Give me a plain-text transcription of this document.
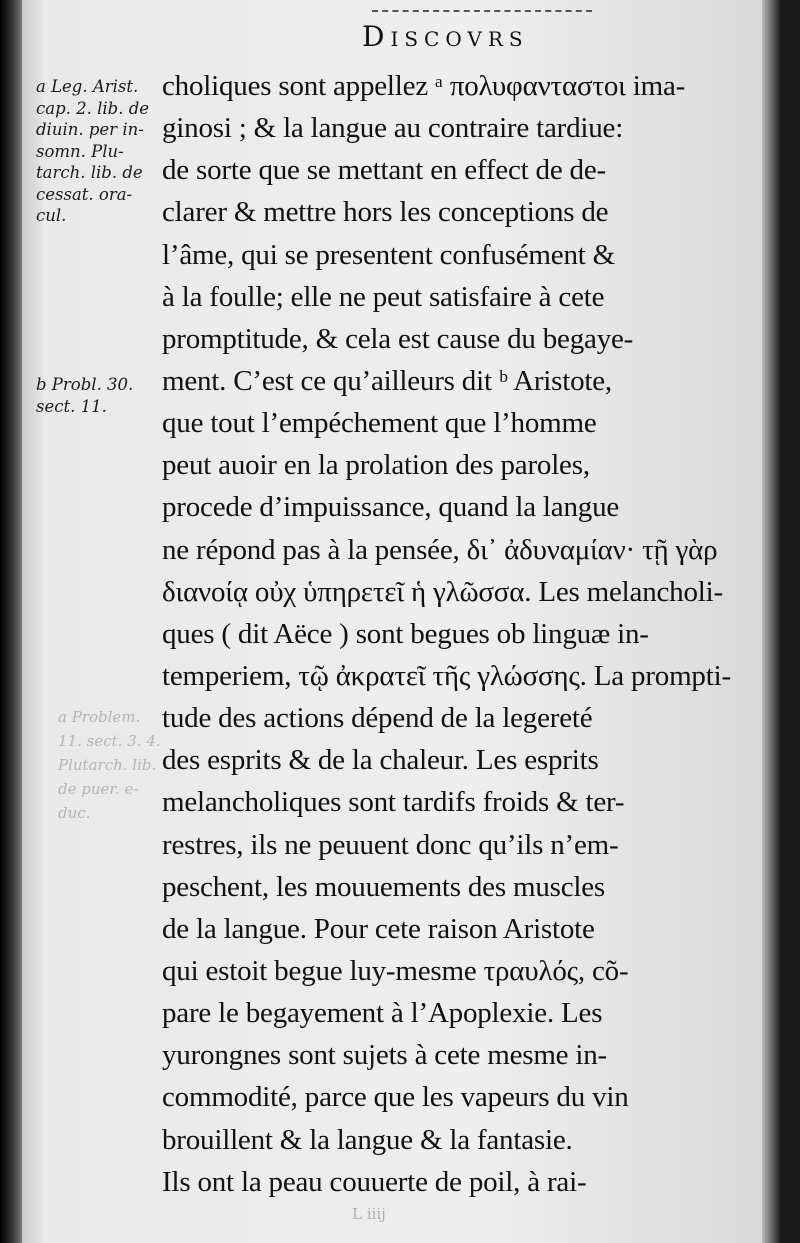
Discovrs
a Leg. Arist.
cap. 2. lib. de
diuin. per in-
somn. Plu-
tarch. lib. de
cessat. ora-
cul.
b Probl. 30.
sect. 11.
a Problem.
11. sect. 3. 4.
Plutarch. lib.
de puer. e-
duc.
L iiij
choliques sont appellez ᵃ πολυφανταστοι ima-
ginosi ; & la langue au contraire tardiue:
de sorte que se mettant en effect de de-
clarer & mettre hors les conceptions de
l’âme, qui se presentent confusément &
à la foulle; elle ne peut satisfaire à cete
promptitude, & cela est cause du begaye-
ment. C’est ce qu’ailleurs dit ᵇ Aristote,
que tout l’empéchement que l’homme
peut auoir en la prolation des paroles,
procede d’impuissance, quand la langue
ne répond pas à la pensée, δι᾽ ἀδυναμίαν· τῇ γὰρ
διανοίᾳ οὐχ ὑπηρετεῖ ἡ γλῶσσα. Les melancholi-
ques ( dit Aëce ) sont begues ob linguæ in-
temperiem, τῷ ἀκρατεῖ τῆς γλώσσης. La prompti-
tude des actions dépend de la legereté
des esprits & de la chaleur. Les esprits
melancholiques sont tardifs froids & ter-
restres, ils ne peuuent donc qu’ils n’em-
peschent, les mouuements des muscles
de la langue. Pour cete raison Aristote
qui estoit begue luy-mesme τραυλός, cõ-
pare le begayement à l’Apoplexie. Les
yurongnes sont sujets à cete mesme in-
commodité, parce que les vapeurs du vin
brouillent & la langue & la fantasie.
Ils ont la peau couuerte de poil, à rai-
